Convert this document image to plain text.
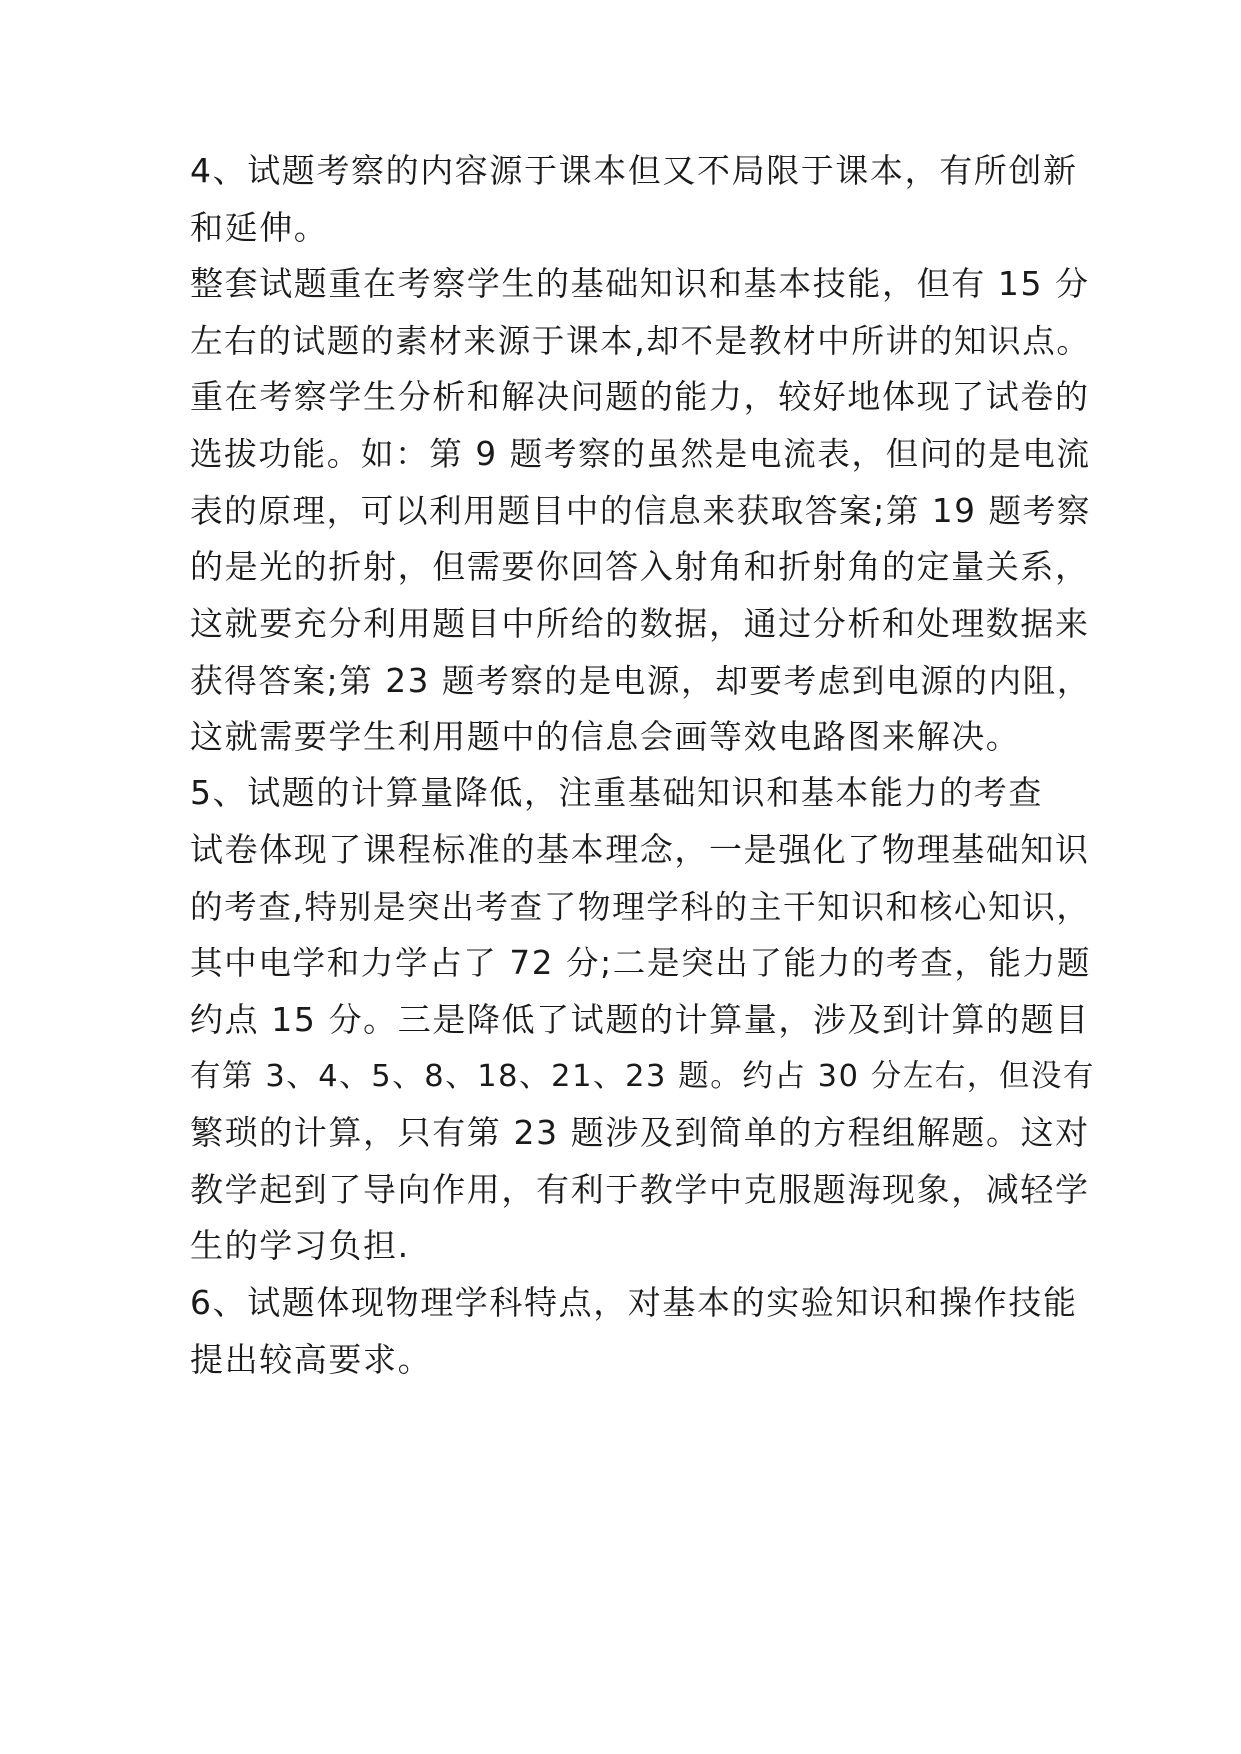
4、试题考察的内容源于课本但又不局限于课本，有所创新

和延伸。

整套试题重在考察学生的基础知识和基本技能，但有 15 分

左右的试题的素材来源于课本,却不是教材中所讲的知识点。

重在考察学生分析和解决问题的能力，较好地体现了试卷的

选拔功能。如：第 9 题考察的虽然是电流表，但问的是电流

表的原理，可以利用题目中的信息来获取答案;第 19 题考察

的是光的折射，但需要你回答入射角和折射角的定量关系，

这就要充分利用题目中所给的数据，通过分析和处理数据来

获得答案;第 23 题考察的是电源，却要考虑到电源的内阻，

这就需要学生利用题中的信息会画等效电路图来解决。

5、试题的计算量降低，注重基础知识和基本能力的考查

试卷体现了课程标准的基本理念，一是强化了物理基础知识

的考查,特别是突出考查了物理学科的主干知识和核心知识，

其中电学和力学占了 72 分;二是突出了能力的考查，能力题

约点 15 分。三是降低了试题的计算量，涉及到计算的题目

有第 3、4、5、8、18、21、23 题。约占 30 分左右，但没有

繁琐的计算，只有第 23 题涉及到简单的方程组解题。这对

教学起到了导向作用，有利于教学中克服题海现象，减轻学

生的学习负担.

6、试题体现物理学科特点，对基本的实验知识和操作技能

提出较高要求。
